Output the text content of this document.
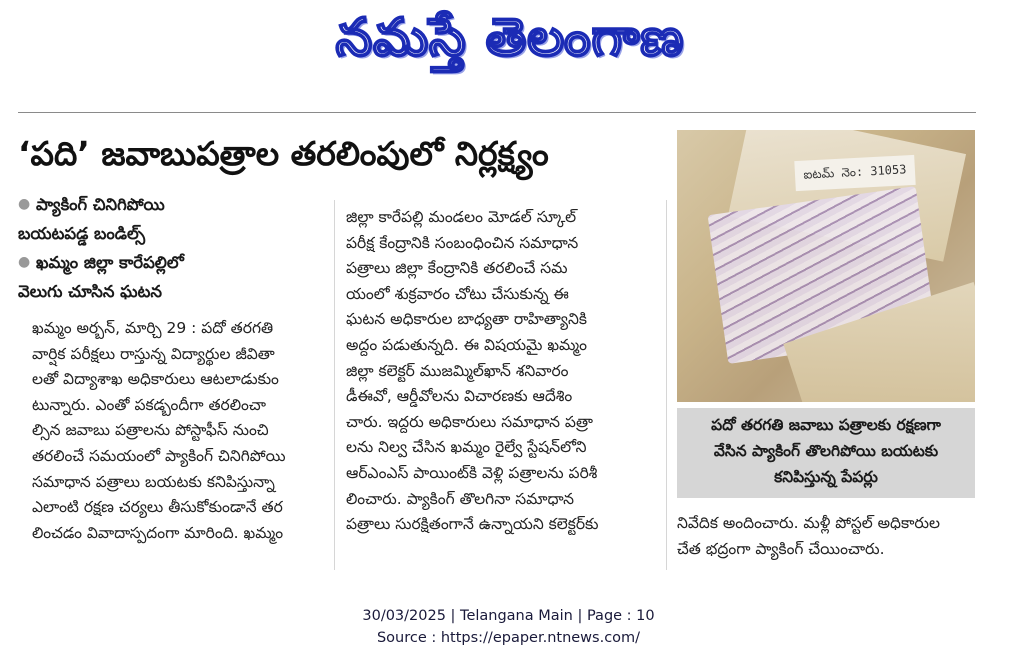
నమస్తే తెలంగాణ
‘పది’ జవాబుపత్రాల తరలింపులో నిర్లక్ష్యం
● ప్యాకింగ్ చినిగిపోయి
బయటపడ్డ బండిల్స్
● ఖమ్మం జిల్లా కారేపల్లిలో
వెలుగు చూసిన ఘటన
ఖమ్మం అర్బన్, మార్చి 29 : పదో తరగతి
వార్షిక పరీక్షలు రాస్తున్న విద్యార్థుల జీవితా
లతో విద్యాశాఖ అధికారులు ఆటలాడుకుం
టున్నారు. ఎంతో పకడ్బందీగా తరలించా
ల్సిన జవాబు పత్రాలను పోస్టాఫీస్ నుంచి
తరలించే సమయంలో ప్యాకింగ్ చినిగిపోయి
సమాధాన పత్రాలు బయటకు కనిపిస్తున్నా
ఎలాంటి రక్షణ చర్యలు తీసుకోకుండానే తర
లించడం వివాదాస్పదంగా మారింది. ఖమ్మం
జిల్లా కారేపల్లి మండలం మోడల్ స్కూల్
పరీక్ష కేంద్రానికి సంబంధించిన సమాధాన
పత్రాలు జిల్లా కేంద్రానికి తరలించే సమ
యంలో శుక్రవారం చోటు చేసుకున్న ఈ
ఘటన అధికారుల బాధ్యతా రాహిత్యానికి
అద్దం పడుతున్నది. ఈ విషయమై ఖమ్మం
జిల్లా కలెక్టర్ ముజమ్మిల్‌ఖాన్ శనివారం
డీఈవో, ఆర్డీవోలను విచారణకు ఆదేశిం
చారు. ఇద్దరు అధికారులు సమాధాన పత్రా
లను నిల్వ చేసిన ఖమ్మం రైల్వే స్టేషన్‌లోని
ఆర్ఎంఎస్ పాయింట్‌కి వెళ్లి పత్రాలను పరిశీ
లించారు. ప్యాకింగ్ తొలగినా సమాధాన
పత్రాలు సురక్షితంగానే ఉన్నాయని కలెక్టర్‌కు
ఐటమ్ నెం: 31053
పదో తరగతి జవాబు పత్రాలకు రక్షణగా
వేసిన ప్యాకింగ్ తొలగిపోయి బయటకు
కనిపిస్తున్న పేపర్లు
నివేదిక అందించారు. మళ్లీ పోస్టల్ అధికారుల
చేత భద్రంగా ప్యాకింగ్ చేయించారు.
30/03/2025 | Telangana Main | Page : 10
Source : https://epaper.ntnews.com/
